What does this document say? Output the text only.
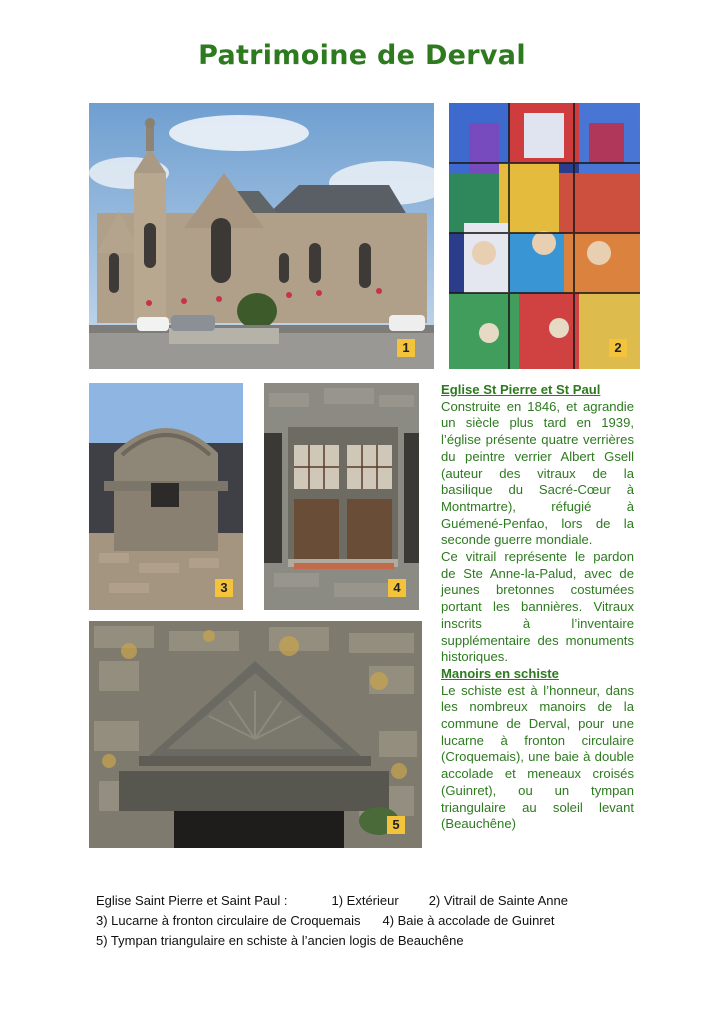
Patrimoine de Derval
1	2
3	4
5

Eglise St Pierre et St Paul

Construite en 1846, et agrandie un siècle plus tard en 1939, l’église présente quatre verrières du peintre verrier Albert Gsell (auteur des vitraux de la basilique du Sacré-Cœur à Montmartre), réfugié à Guémené-Penfao, lors de la seconde guerre mondiale.

Ce vitrail représente le pardon de Ste Anne-la-Palud, avec de jeunes bretonnes costumées portant les bannières. Vitraux inscrits à l’inventaire supplémentaire des monuments historiques.

Manoirs en schiste

Le schiste est à l’honneur, dans les nombreux manoirs de la commune de Derval, pour une lucarne à fronton circulaire (Croquemais), une baie à double accolade et meneaux croisés (Guinret), ou un tympan triangulaire au soleil levant (Beauchêne)

Eglise Saint Pierre et Saint Paul :	1) Extérieur 2) Vitrail de Sainte Anne
3) Lucarne à fronton circulaire de Croquemais 4) Baie à accolade de Guinret
5) Tympan triangulaire en schiste à l’ancien logis de Beauchêne
